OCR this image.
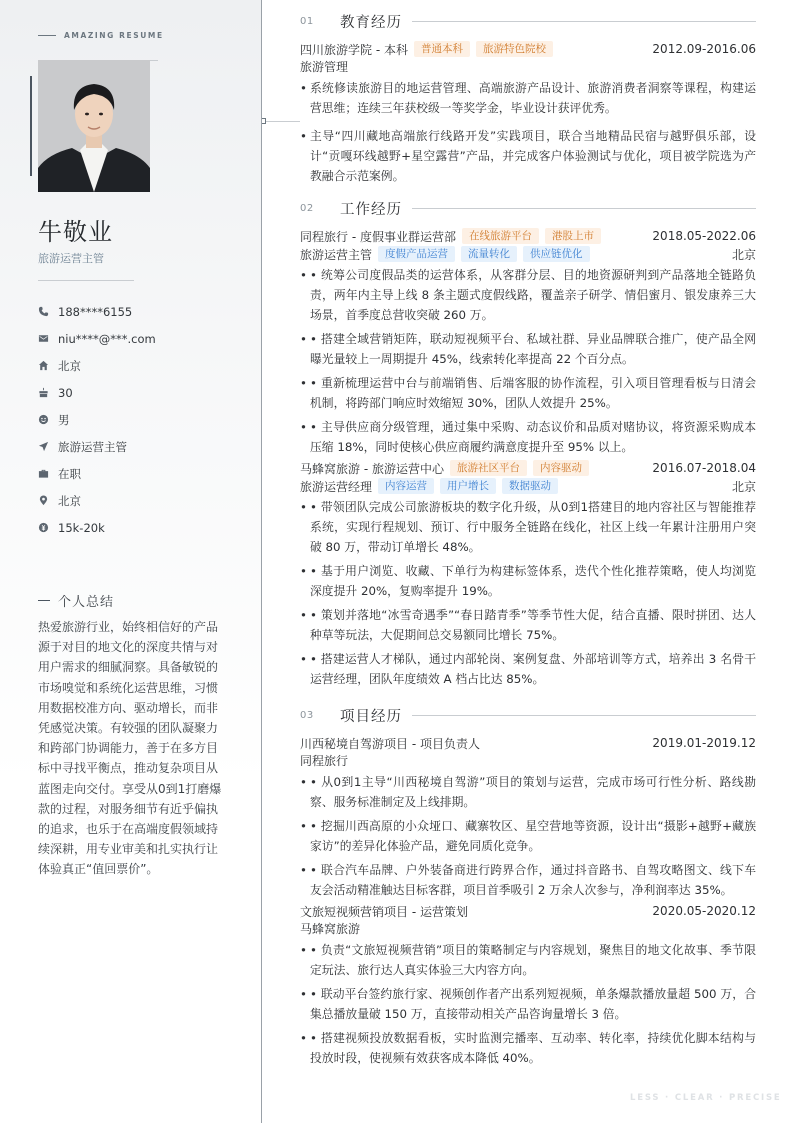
AMAZING RESUME
牛敬业
旅游运营主管
188****6155
niu****@***.com
北京
30
男
旅游运营主管
在职
北京
15k-20k
个人总结
热爱旅游行业，始终相信好的产品源于对目的地文化的深度共情与对用户需求的细腻洞察。具备敏锐的市场嗅觉和系统化运营思维，习惯用数据校准方向、驱动增长，而非凭感觉决策。有较强的团队凝聚力和跨部门协调能力，善于在多方目标中寻找平衡点，推动复杂项目从蓝图走向交付。享受从0到1打磨爆款的过程，对服务细节有近乎偏执的追求，也乐于在高端度假领域持续深耕，用专业审美和扎实执行让体验真正“值回票价”。
01	教育经历
四川旅游学院 - 本科	普通本科	旅游特色院校	2012.09-2016.06
旅游管理
• 系统修读旅游目的地运营管理、高端旅游产品设计、旅游消费者洞察等课程，构建运营思维；连续三年获校级一等奖学金，毕业设计获评优秀。
• 主导“四川藏地高端旅行线路开发”实践项目，联合当地精品民宿与越野俱乐部，设计“贡嘎环线越野+星空露营”产品，并完成客户体验测试与优化，项目被学院选为产教融合示范案例。
02	工作经历
同程旅行 - 度假事业群运营部	在线旅游平台	港股上市	2018.05-2022.06
旅游运营主管	度假产品运营	流量转化	供应链优化	北京
• • 统筹公司度假品类的运营体系，从客群分层、目的地资源研判到产品落地全链路负责，两年内主导上线 8 条主题式度假线路，覆盖亲子研学、情侣蜜月、银发康养三大场景，首季度总营收突破 260 万。
• • 搭建全域营销矩阵，联动短视频平台、私域社群、异业品牌联合推广，使产品全网曝光量较上一周期提升 45%，线索转化率提高 22 个百分点。
• • 重新梳理运营中台与前端销售、后端客服的协作流程，引入项目管理看板与日清会机制，将跨部门响应时效缩短 30%，团队人效提升 25%。
• • 主导供应商分级管理，通过集中采购、动态议价和品质对赌协议，将资源采购成本压缩 18%，同时使核心供应商履约满意度提升至 95% 以上。
马蜂窝旅游 - 旅游运营中心	旅游社区平台	内容驱动	2016.07-2018.04
旅游运营经理	内容运营	用户增长	数据驱动	北京
• • 带领团队完成公司旅游板块的数字化升级，从0到1搭建目的地内容社区与智能推荐系统，实现行程规划、预订、行中服务全链路在线化，社区上线一年累计注册用户突破 80 万，带动订单增长 48%。
• • 基于用户浏览、收藏、下单行为构建标签体系，迭代个性化推荐策略，使人均浏览深度提升 20%，复购率提升 19%。
• • 策划并落地“冰雪奇遇季”“春日踏青季”等季节性大促，结合直播、限时拼团、达人种草等玩法，大促期间总交易额同比增长 75%。
• • 搭建运营人才梯队，通过内部轮岗、案例复盘、外部培训等方式，培养出 3 名骨干运营经理，团队年度绩效 A 档占比达 85%。
03	项目经历
川西秘境自驾游项目 - 项目负责人	2019.01-2019.12
同程旅行
• • 从0到1主导“川西秘境自驾游”项目的策划与运营，完成市场可行性分析、路线勘察、服务标准制定及上线排期。
• • 挖掘川西高原的小众垭口、藏寨牧区、星空营地等资源，设计出“摄影+越野+藏族家访”的差异化体验产品，避免同质化竞争。
• • 联合汽车品牌、户外装备商进行跨界合作，通过抖音路书、自驾攻略图文、线下车友会活动精准触达目标客群，项目首季吸引 2 万余人次参与，净利润率达 35%。
文旅短视频营销项目 - 运营策划	2020.05-2020.12
马蜂窝旅游
• • 负责“文旅短视频营销”项目的策略制定与内容规划，聚焦目的地文化故事、季节限定玩法、旅行达人真实体验三大内容方向。
• • 联动平台签约旅行家、视频创作者产出系列短视频，单条爆款播放量超 500 万，合集总播放量破 150 万，直接带动相关产品咨询量增长 3 倍。
• • 搭建视频投放数据看板，实时监测完播率、互动率、转化率，持续优化脚本结构与投放时段，使视频有效获客成本降低 40%。
LESS · CLEAR · PRECISE
